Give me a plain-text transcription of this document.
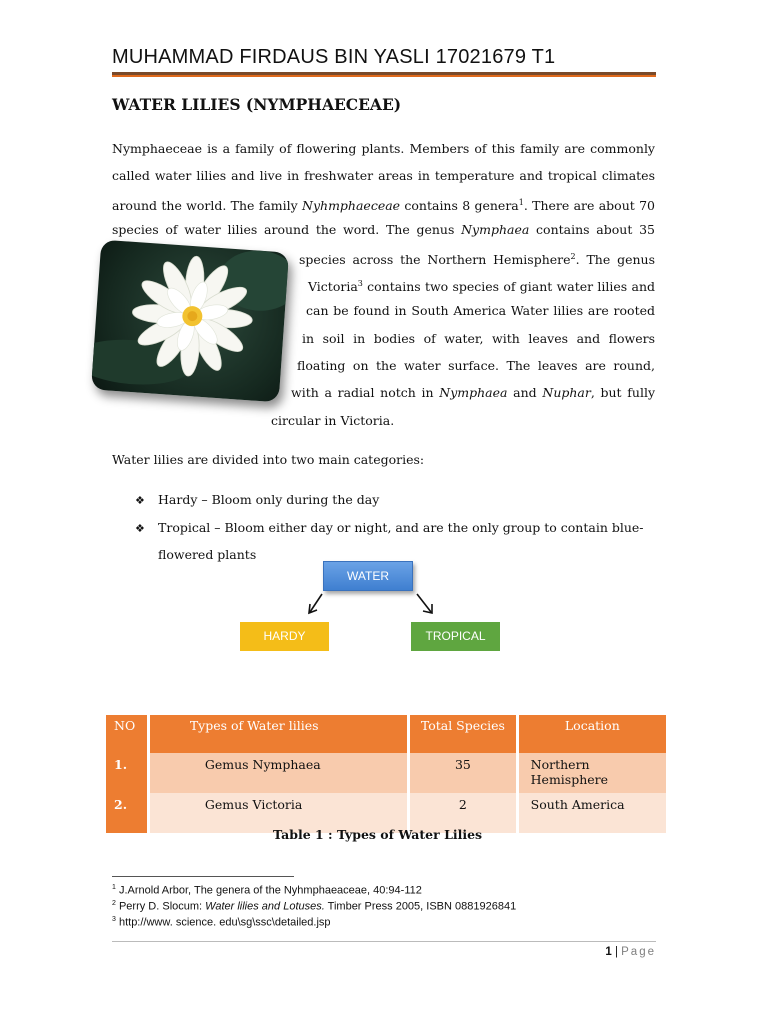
MUHAMMAD FIRDAUS BIN YASLI 17021679 T1
WATER LILIES (NYMPHAECEAE)
Nymphaeceae is a family of flowering plants. Members of this family are commonly
called water lilies and live in freshwater areas in temperature and tropical climates
around the world. The family Nyhmphaeceae contains 8 genera$^1$. There are about 70
species of water lilies around the word. The genus Nymphaea contains about 35
species across the Northern Hemisphere$^2$. The genus
Victoria$^3$ contains two species of giant water lilies and
can be found in South America Water lilies are rooted
in soil in bodies of water, with leaves and flowers
floating on the water surface. The leaves are round,
with a radial notch in Nymphaea and Nuphar, but fully
circular in Victoria.
Water lilies are divided into two main categories:
❖ Hardy – Bloom only during the day
❖ Tropical – Bloom either day or night, and are the only group to contain blue-
flowered plants
WATER
HARDY	TROPICAL
NO	Types of Water lilies	Total Species	Location
1.	Gemus Nymphaea	35	Northern Hemisphere
2.	Gemus Victoria	2	South America
Table 1 : Types of Water Lilies
$^1$ J.Arnold Arbor, The genera of the Nyhmphaeaceae, 40:94-112
$^2$ Perry D. Slocum: Water lilies and Lotuses. Timber Press 2005, ISBN 0881926841
$^3$ http://www. science. edu\sg\ssc\detailed.jsp
1 | Page
